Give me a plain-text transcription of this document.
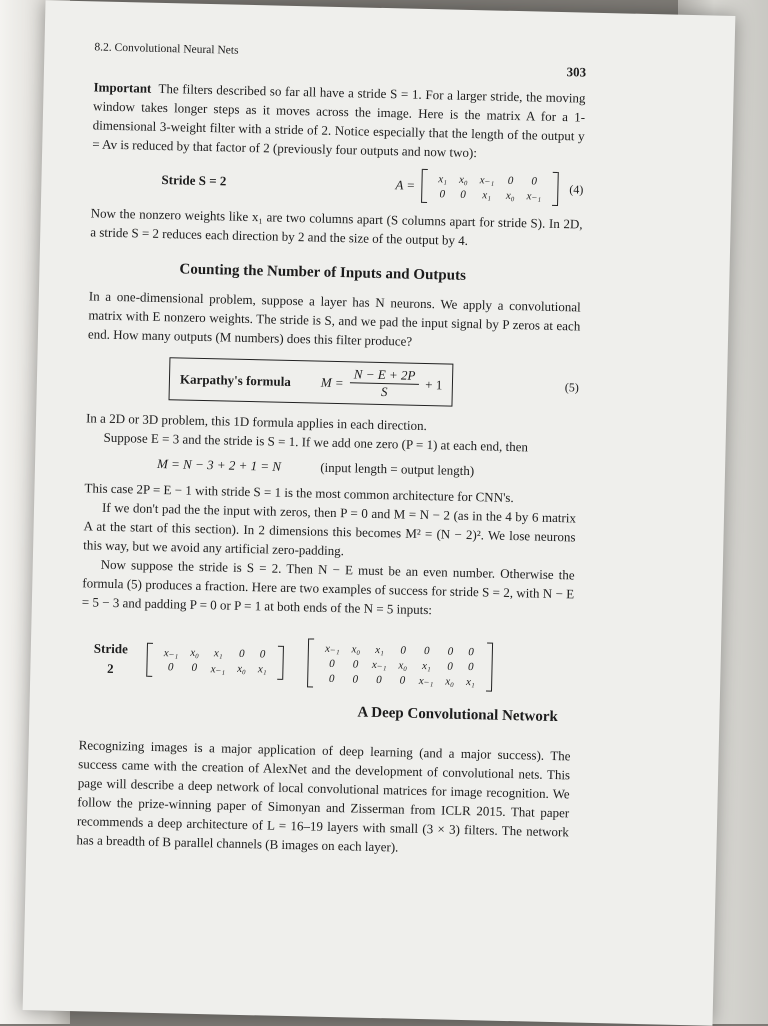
8.2. Convolutional Neural Nets
303

Important The filters described so far all have a stride S = 1. For a larger stride, the moving window takes longer steps as it moves across the image. Here is the matrix A for a 1-dimensional 3-weight filter with a stride of 2. Notice especially that the length of the output y = Av is reduced by that factor of 2 (previously four outputs and now two):

Stride S = 2	A = x₁	x₀	x₋₁	0	0
0	0	x₁	x₀	x₋₁
(4)

Now the nonzero weights like x₁ are two columns apart (S columns apart for stride S). In 2D, a stride S = 2 reduces each direction by 2 and the size of the output by 4.

Counting the Number of Inputs and Outputs

In a one-dimensional problem, suppose a layer has N neurons. We apply a convolutional matrix with E nonzero weights. The stride is S, and we pad the input signal by P zeros at each end. How many outputs (M numbers) does this filter produce?

Karpathy's formula $M = \frac{N - E + 2P}{S} + 1$	(5)

In a 2D or 3D problem, this 1D formula applies in each direction.

Suppose E = 3 and the stride is S = 1. If we add one zero (P = 1) at each end, then

M = N − 3 + 2 + 1 = N	(input length = output length)

This case 2P = E − 1 with stride S = 1 is the most common architecture for CNN's.

If we don't pad the the input with zeros, then P = 0 and M = N − 2 (as in the 4 by 6 matrix A at the start of this section). In 2 dimensions this becomes M² = (N − 2)². We lose neurons this way, but we avoid any artificial zero-padding.

Now suppose the stride is S = 2. Then N − E must be an even number. Otherwise the formula (5) produces a fraction. Here are two examples of success for stride S = 2, with N − E = 5 − 3 and padding P = 0 or P = 1 at both ends of the N = 5 inputs:

Stride
2
x₋₁	x₀	x₁	0	0
0	0	x₋₁	x₀	x₁
x₋₁	x₀	x₁	0	0	0	0
0	0	x₋₁	x₀	x₁	0	0
0	0	0	0	x₋₁	x₀	x₁
A Deep Convolutional Network

Recognizing images is a major application of deep learning (and a major success). The success came with the creation of AlexNet and the development of convolutional nets. This page will describe a deep network of local convolutional matrices for image recognition. We follow the prize-winning paper of Simonyan and Zisserman from ICLR 2015. That paper recommends a deep architecture of L = 16–19 layers with small (3 × 3) filters. The network has a breadth of B parallel channels (B images on each layer).
